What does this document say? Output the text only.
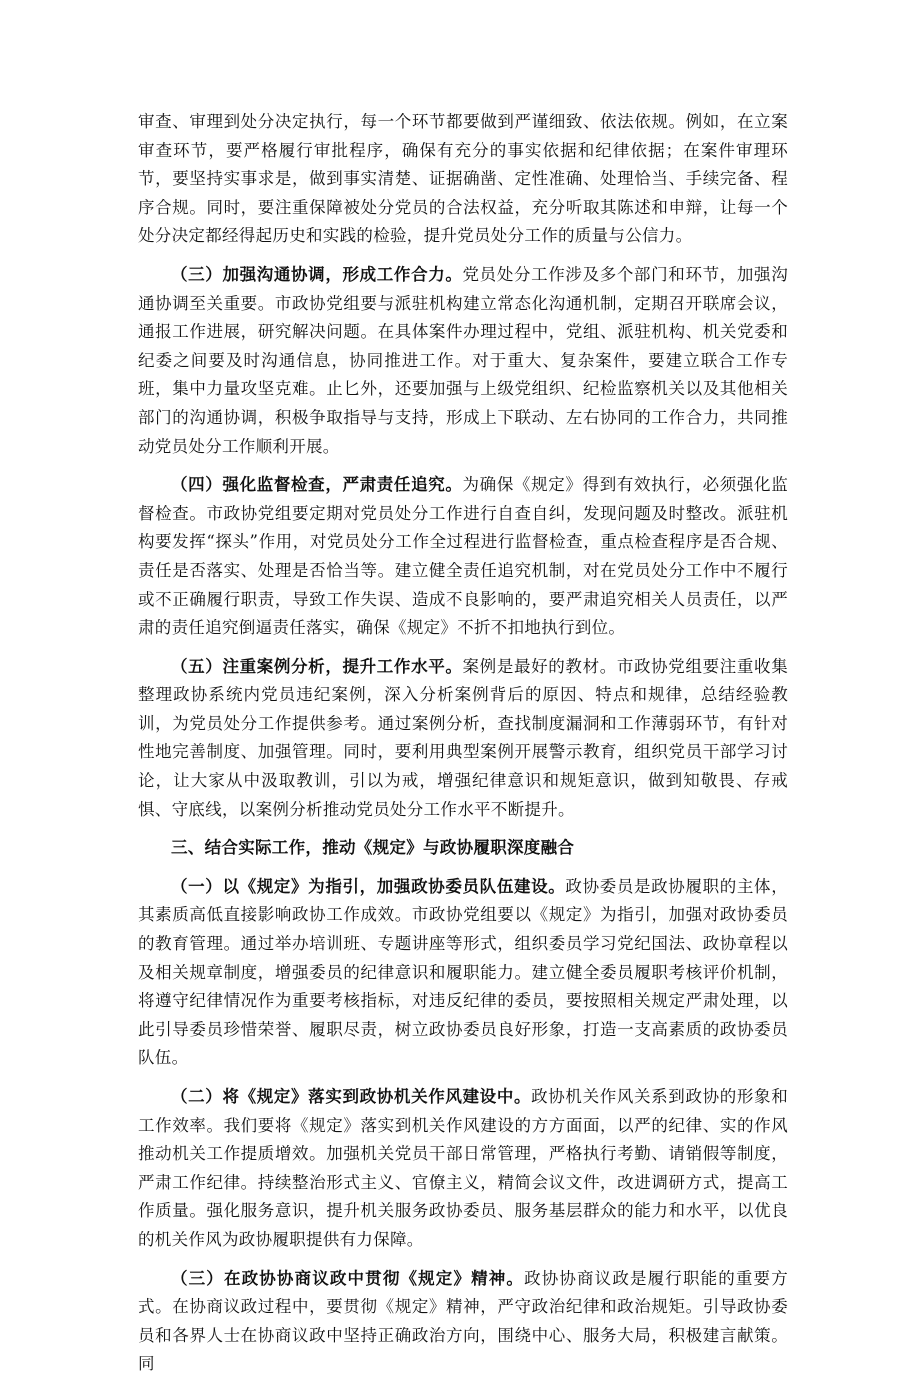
审查、审理到处分决定执行，每一个环节都要做到严谨细致、依法依规。例如，在立案审查环节，要严格履行审批程序，确保有充分的事实依据和纪律依据；在案件审理环节，要坚持实事求是，做到事实清楚、证据确凿、定性准确、处理恰当、手续完备、程序合规。同时，要注重保障被处分党员的合法权益，充分听取其陈述和申辩，让每一个处分决定都经得起历史和实践的检验，提升党员处分工作的质量与公信力。

（三）加强沟通协调，形成工作合力。党员处分工作涉及多个部门和环节，加强沟通协调至关重要。市政协党组要与派驻机构建立常态化沟通机制，定期召开联席会议，通报工作进展，研究解决问题。在具体案件办理过程中，党组、派驻机构、机关党委和纪委之间要及时沟通信息，协同推进工作。对于重大、复杂案件，要建立联合工作专班，集中力量攻坚克难。止匕外，还要加强与上级党组织、纪检监察机关以及其他相关部门的沟通协调，积极争取指导与支持，形成上下联动、左右协同的工作合力，共同推动党员处分工作顺利开展。

（四）强化监督检查，严肃责任追究。为确保《规定》得到有效执行，必须强化监督检查。市政协党组要定期对党员处分工作进行自查自纠，发现问题及时整改。派驻机构要发挥“探头”作用，对党员处分工作全过程进行监督检查，重点检查程序是否合规、责任是否落实、处理是否恰当等。建立健全责任追究机制，对在党员处分工作中不履行或不正确履行职责，导致工作失误、造成不良影响的，要严肃追究相关人员责任，以严肃的责任追究倒逼责任落实，确保《规定》不折不扣地执行到位。

（五）注重案例分析，提升工作水平。案例是最好的教材。市政协党组要注重收集整理政协系统内党员违纪案例，深入分析案例背后的原因、特点和规律，总结经验教训，为党员处分工作提供参考。通过案例分析，查找制度漏洞和工作薄弱环节，有针对性地完善制度、加强管理。同时，要利用典型案例开展警示教育，组织党员干部学习讨论，让大家从中汲取教训，引以为戒，增强纪律意识和规矩意识，做到知敬畏、存戒惧、守底线，以案例分析推动党员处分工作水平不断提升。

三、结合实际工作，推动《规定》与政协履职深度融合

（一）以《规定》为指引，加强政协委员队伍建设。政协委员是政协履职的主体，其素质高低直接影响政协工作成效。市政协党组要以《规定》为指引，加强对政协委员的教育管理。通过举办培训班、专题讲座等形式，组织委员学习党纪国法、政协章程以及相关规章制度，增强委员的纪律意识和履职能力。建立健全委员履职考核评价机制，将遵守纪律情况作为重要考核指标，对违反纪律的委员，要按照相关规定严肃处理，以此引导委员珍惜荣誉、履职尽责，树立政协委员良好形象，打造一支高素质的政协委员队伍。

（二）将《规定》落实到政协机关作风建设中。政协机关作风关系到政协的形象和工作效率。我们要将《规定》落实到机关作风建设的方方面面，以严的纪律、实的作风推动机关工作提质增效。加强机关党员干部日常管理，严格执行考勤、请销假等制度，严肃工作纪律。持续整治形式主义、官僚主义，精简会议文件，改进调研方式，提高工作质量。强化服务意识，提升机关服务政协委员、服务基层群众的能力和水平，以优良的机关作风为政协履职提供有力保障。

（三）在政协协商议政中贯彻《规定》精神。政协协商议政是履行职能的重要方式。在协商议政过程中，要贯彻《规定》精神，严守政治纪律和政治规矩。引导政协委员和各界人士在协商议政中坚持正确政治方向，围绕中心、服务大局，积极建言献策。同
